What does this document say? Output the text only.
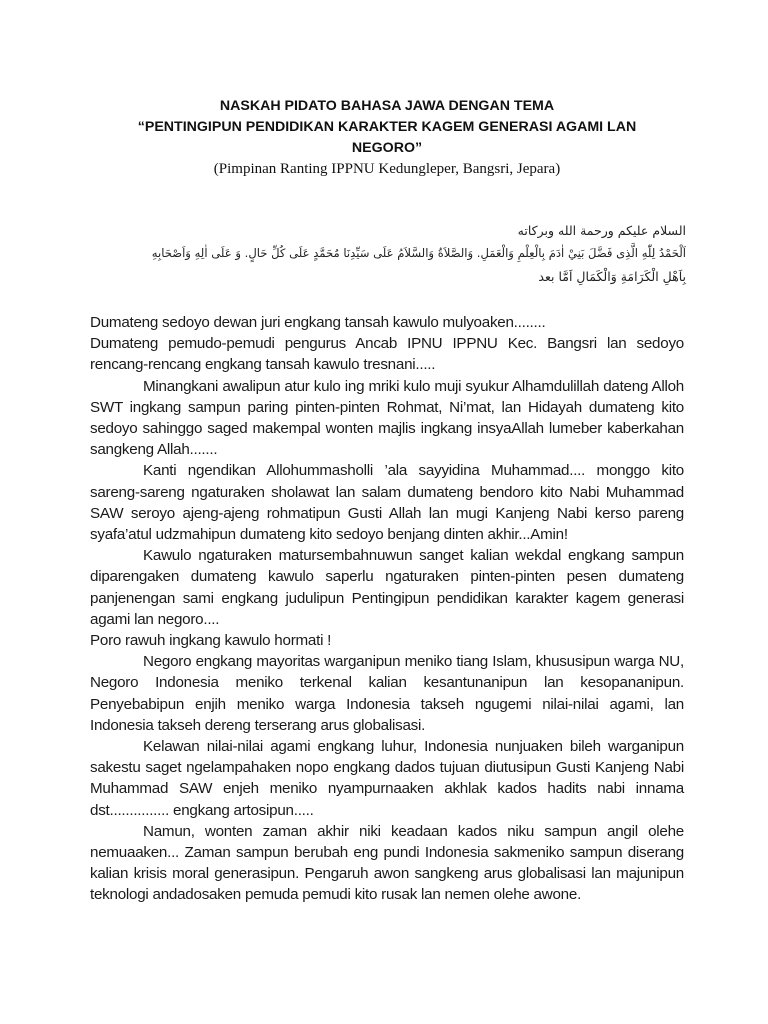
NASKAH PIDATO BAHASA JAWA DENGAN TEMA

“PENTINGIPUN PENDIDIKAN KARAKTER KAGEM GENERASI AGAMI LAN

NEGORO”

(Pimpinan Ranting IPPNU Kedungleper, Bangsri, Jepara)

السلام عليكم ورحمة الله وبركاته
اَلْحَمْدُ لِلّٰهِ الَّذِى فَضَّلَ بَنِيْ اٰدَمَ بِالْعِلْمِ وَالْعَمَلِ. وَالصَّلاَةُ وَالسَّلاَمُ عَلَى سَيِّدِنَا مُحَمَّدٍ عَلَى كُلِّ حَالٍ. وَ عَلَى اٰلِهِ وَاَصْحَابِهِ
بِاَهْلِ الْكَرَامَةِ وَالْكَمَالِ اَمَّا بعد

Dumateng sedoyo dewan juri engkang tansah kawulo mulyoaken........

Dumateng pemudo-pemudi pengurus Ancab IPNU IPPNU Kec. Bangsri lan sedoyo rencang-rencang engkang tansah kawulo tresnani.....

Minangkani awalipun atur kulo ing mriki kulo muji syukur Alhamdulillah dateng Alloh SWT ingkang sampun paring pinten-pinten Rohmat, Ni’mat, lan Hidayah dumateng kito sedoyo sahinggo saged makempal wonten majlis ingkang insyaAllah lumeber kaberkahan sangkeng Allah.......

Kanti ngendikan Allohummasholli ’ala sayyidina Muhammad.... monggo kito sareng-sareng ngaturaken sholawat lan salam dumateng bendoro kito Nabi Muhammad SAW seroyo ajeng-ajeng rohmatipun Gusti Allah lan mugi Kanjeng Nabi kerso pareng syafa’atul udzmahipun dumateng kito sedoyo benjang dinten akhir...Amin!

Kawulo ngaturaken matursembahnuwun sanget kalian wekdal engkang sampun diparengaken dumateng kawulo saperlu ngaturaken pinten-pinten pesen dumateng panjenengan sami engkang judulipun Pentingipun pendidikan karakter kagem generasi agami lan negoro....

Poro rawuh ingkang kawulo hormati !

Negoro engkang mayoritas warganipun meniko tiang Islam, khususipun warga NU, Negoro Indonesia meniko terkenal kalian kesantunanipun lan kesopananipun. Penyebabipun enjih meniko warga Indonesia takseh ngugemi nilai-nilai agami, lan Indonesia takseh dereng terserang arus globalisasi.

Kelawan nilai-nilai agami engkang luhur, Indonesia nunjuaken bileh warganipun sakestu saget ngelampahaken nopo engkang dados tujuan diutusipun Gusti Kanjeng Nabi Muhammad SAW enjeh meniko nyampurnaaken akhlak kados hadits nabi innama dst............... engkang artosipun.....

Namun, wonten zaman akhir niki keadaan kados niku sampun angil olehe nemuaaken... Zaman sampun berubah eng pundi Indonesia sakmeniko sampun diserang kalian krisis moral generasipun. Pengaruh awon sangkeng arus globalisasi lan majunipun teknologi andadosaken pemuda pemudi kito rusak lan nemen olehe awone.
